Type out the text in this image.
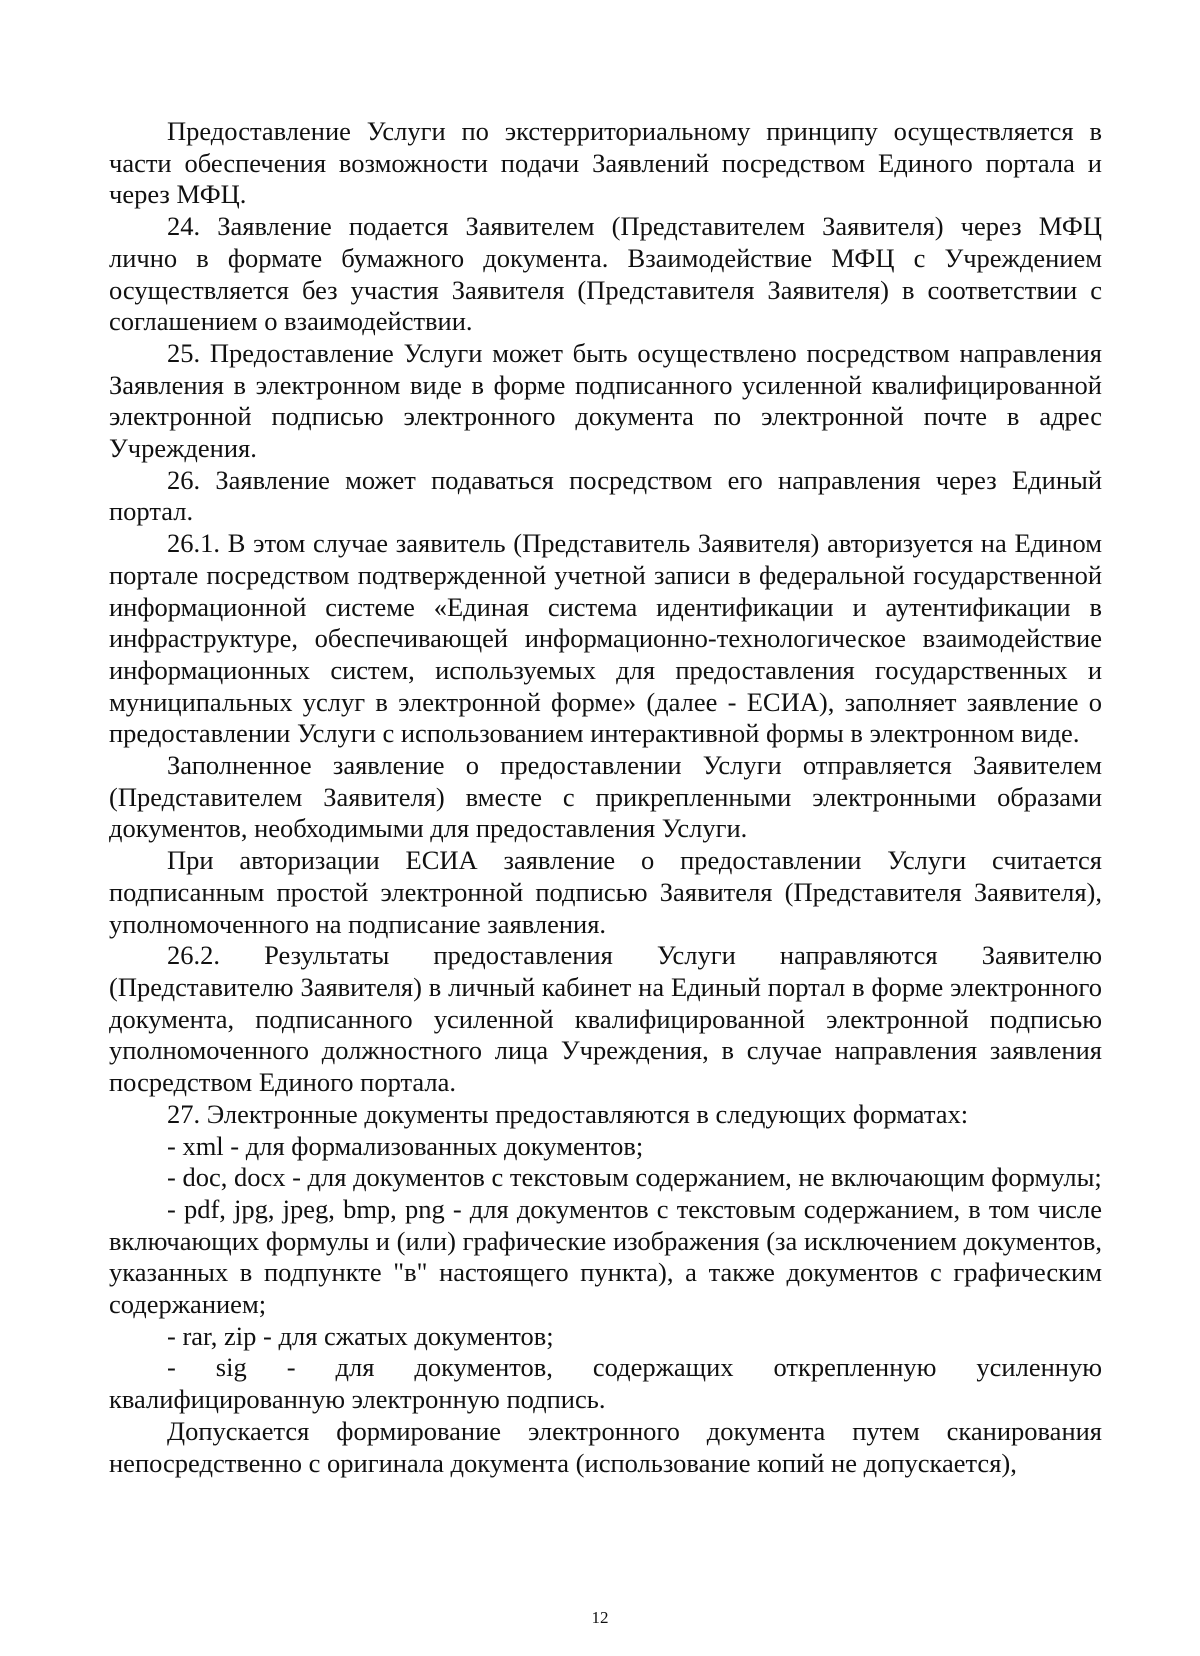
Предоставление Услуги по экстерриториальному принципу осуществляется в части обеспечения возможности подачи Заявлений посредством Единого портала и через МФЦ.

24. Заявление подается Заявителем (Представителем Заявителя) через МФЦ лично в формате бумажного документа. Взаимодействие МФЦ с Учреждением осуществляется без участия Заявителя (Представителя Заявителя) в соответствии с соглашением о взаимодействии.

25. Предоставление Услуги может быть осуществлено посредством направления Заявления в электронном виде в форме подписанного усиленной квалифицированной электронной подписью электронного документа по электронной почте в адрес Учреждения.

26. Заявление может подаваться посредством его направления через Единый портал.

26.1. В этом случае заявитель (Представитель Заявителя) авторизуется на Едином портале посредством подтвержденной учетной записи в федеральной государственной информационной системе «Единая система идентификации и аутентификации в инфраструктуре, обеспечивающей информационно-технологическое взаимодействие информационных систем, используемых для предоставления государственных и муниципальных услуг в электронной форме» (далее - ЕСИА), заполняет заявление о предоставлении Услуги с использованием интерактивной формы в электронном виде.

Заполненное заявление о предоставлении Услуги отправляется Заявителем (Представителем Заявителя) вместе с прикрепленными электронными образами документов, необходимыми для предоставления Услуги.

При авторизации ЕСИА заявление о предоставлении Услуги считается подписанным простой электронной подписью Заявителя (Представителя Заявителя), уполномоченного на подписание заявления.

26.2. Результаты предоставления Услуги направляются Заявителю (Представителю Заявителя) в личный кабинет на Единый портал в форме электронного документа, подписанного усиленной квалифицированной электронной подписью уполномоченного должностного лица Учреждения, в случае направления заявления посредством Единого портала.

27. Электронные документы предоставляются в следующих форматах:

- xml - для формализованных документов;

- doc, docx - для документов с текстовым содержанием, не включающим формулы;

- pdf, jpg, jpeg, bmp, png - для документов с текстовым содержанием, в том числе включающих формулы и (или) графические изображения (за исключением документов, указанных в подпункте "в" настоящего пункта), а также документов с графическим содержанием;

- rar, zip - для сжатых документов;

- sig - для документов, содержащих открепленную усиленную квалифицированную электронную подпись.

Допускается формирование электронного документа путем сканирования непосредственно с оригинала документа (использование копий не допускается),

12
